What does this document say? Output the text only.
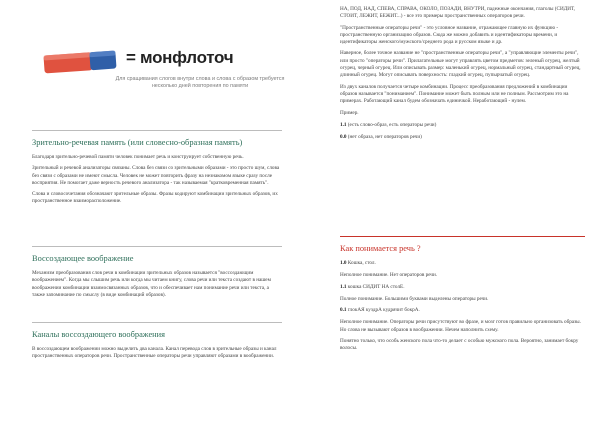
= монфлоточ
Для сращивания слогов внутри слова и слова с образом требуется несколько дней повторения по памяти
Зрительно-речевая память (или словесно-образная память)

Благодаря зрительно-речевой памяти человек понимает речь и конструирует собственную речь.

Зрительный и речевой анализаторы связаны. Слова без связи со зрительными образами - это просто шум, слова без связи с образами не имеют смысла. Человек не может повторить фразу на незнакомом языке сразу после восприятия. Не помогает даже верность речевого анализатора - так называемая "кратковременная память".

Слова и словосочетания обозначают зрительные образы. Фразы кодируют комбинации зрительных образов, их пространственное взаиморасположение.

Воссоздающее воображение

Механизм преобразования слов речи в комбинации зрительных образов называется "воссоздающим воображением". Когда мы слышим речь или когда мы читаем книгу, слова речи или текста создают в нашем воображении комбинации взаимосвязанных образов, что и обеспечивает нам понимание речи или текста, а также запоминание по смыслу (в виде комбинаций образов).

Каналы воссоздающего воображения

В воссоздающем воображении можно выделить два канала. Канал перевода слов в зрительные образы и канал пространственных операторов речи. Пространственные операторы речи управляют образами в воображении.

НА, ПОД, НАД, СПЕВА, СПРАВА, ОКОЛО, ПОЗАДИ, ВНУТРИ, падежные окончания, глаголы (СИДИТ, СТОИТ, ЛЕЖИТ, БЕЖИТ...) - все это примеры пространственных операторов речи.

"Пространственные операторы речи" - это условное название, отражающее главную их функцию - пространственную организацию образов. Сюда же можно добавить и идентификаторы времени, и идентификаторы женского/мужского/среднего рода и русском языке и др.

Наверное, более точное название не "пространственные операторы речи", а "управляющие элементы речи", или просто "операторы речи". Прилагательные могут управлять цветом предметов: зеленый огурец, желтый огурец, черный огурец. Или описывать размер: маленький огурец, нормальный огурец, стандартный огурец, длинный огурец. Могут описывать поверхность: гладкий огурец, пупырчатый огурец.

Из двух каналов получается четыре комбинации. Процесс преобразования предложений в комбинации образов называется "пониманием". Понимание может быть полным или не полным. Рассмотрим это на примерах. Работающий канал будем обозначать единичкой. Неработающий - нулем.

Пример.

1.1 (есть слово-образ, есть операторы речи)

0.0 (нет образа, нет операторов речи)

Как понимается речь ?

1.0 Кошка, стол.

Неполное понимание. Нет операторов речи.

1.1 кошка СИДИТ НА столЕ.

Полное понимание. Большими буквами выделены операторы речи.

0.1 глокАЯ куздрА кудрячит бокрА.

Неполное понимание. Операторы речи присутствуют во фразе, и мозг готов правильно организовать образы. Но слова не вызывают образов в воображении. Нечем наполнить схему.

Понятно только, что особь женского пола что-то делает с особью мужского пола. Вероятно, занимает бокру волосы.
